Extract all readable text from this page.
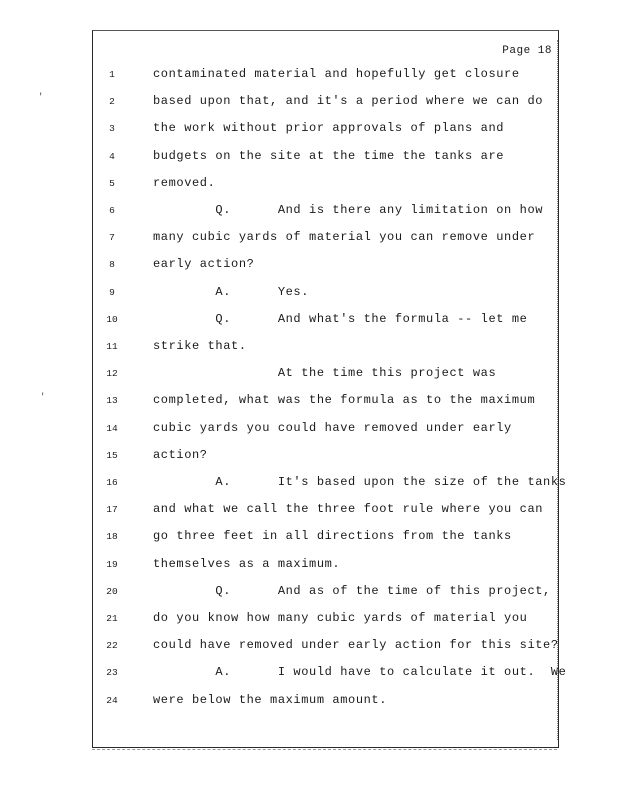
Page 18
1	contaminated material and hopefully get closure
2	based upon that, and it's a period where we can do
3	the work without prior approvals of plans and
4	budgets on the site at the time the tanks are
5	removed.
6	Q.      And is there any limitation on how
7	many cubic yards of material you can remove under
8	early action?
9	A.      Yes.
10	Q.      And what's the formula -- let me
11	strike that.
12	At the time this project was
13	completed, what was the formula as to the maximum
14	cubic yards you could have removed under early
15	action?
16	A.      It's based upon the size of the tanks
17	and what we call the three foot rule where you can
18	go three feet in all directions from the tanks
19	themselves as a maximum.
20	Q.      And as of the time of this project,
21	do you know how many cubic yards of material you
22	could have removed under early action for this site?
23	A.      I would have to calculate it out.  We
24	were below the maximum amount.
'
'
